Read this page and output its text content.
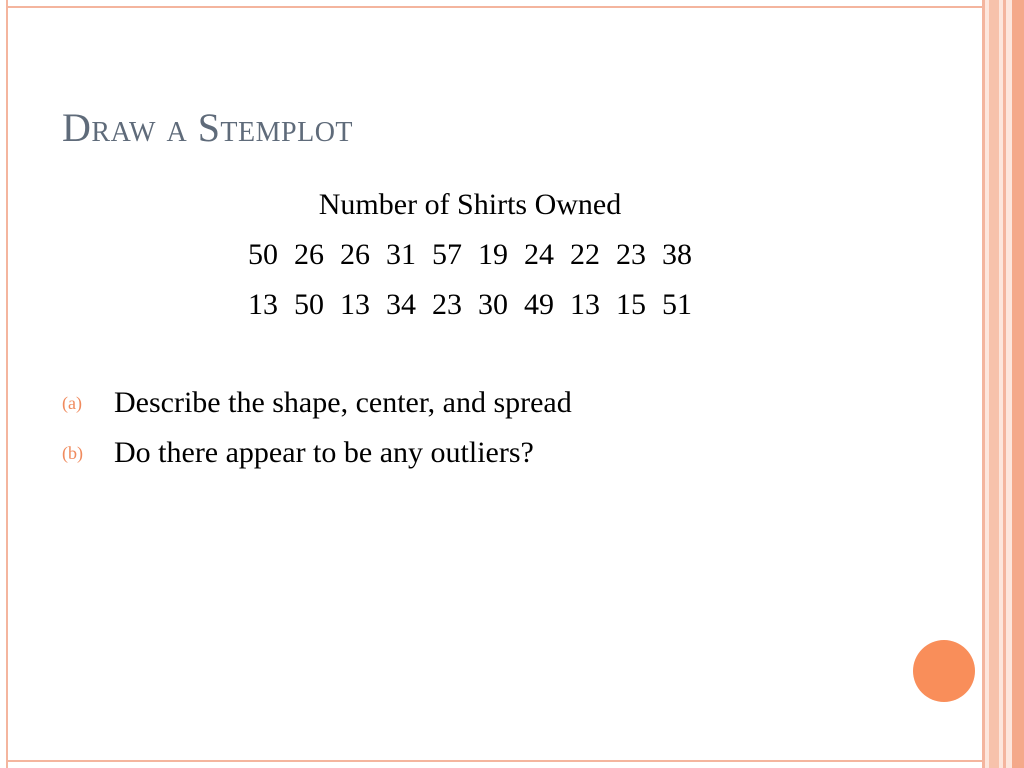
Draw a Stemplot
Number of Shirts Owned
50 26 26 31 57 19 24 22 23 38
13 50 13 34 23 30 49 13 15 51
(a) Describe the shape, center, and spread
(b) Do there appear to be any outliers?
